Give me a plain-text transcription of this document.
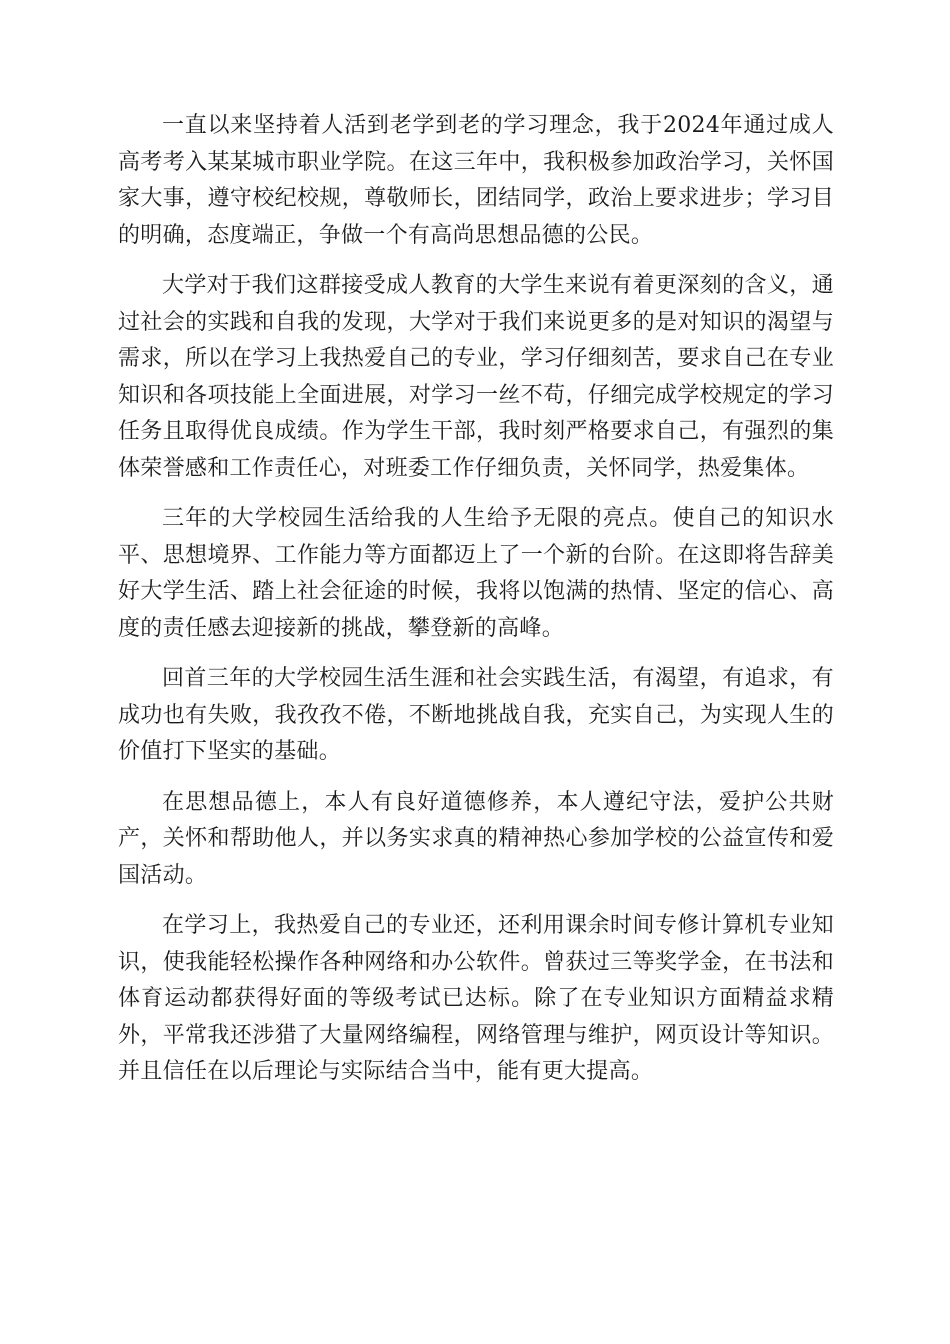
一直以来坚持着人活到老学到老的学习理念，我于2024年通过成人高考考入某某城市职业学院。在这三年中，我积极参加政治学习，关怀国家大事，遵守校纪校规，尊敬师长，团结同学，政治上要求进步；学习目的明确，态度端正，争做一个有高尚思想品德的公民。

大学对于我们这群接受成人教育的大学生来说有着更深刻的含义，通过社会的实践和自我的发现，大学对于我们来说更多的是对知识的渴望与需求，所以在学习上我热爱自己的专业，学习仔细刻苦，要求自己在专业知识和各项技能上全面进展，对学习一丝不苟，仔细完成学校规定的学习任务且取得优良成绩。作为学生干部，我时刻严格要求自己，有强烈的集体荣誉感和工作责任心，对班委工作仔细负责，关怀同学，热爱集体。

三年的大学校园生活给我的人生给予无限的亮点。使自己的知识水平、思想境界、工作能力等方面都迈上了一个新的台阶。在这即将告辞美好大学生活、踏上社会征途的时候，我将以饱满的热情、坚定的信心、高度的责任感去迎接新的挑战，攀登新的高峰。

回首三年的大学校园生活生涯和社会实践生活，有渴望，有追求，有成功也有失败，我孜孜不倦，不断地挑战自我，充实自己，为实现人生的价值打下坚实的基础。

在思想品德上，本人有良好道德修养，本人遵纪守法，爱护公共财产，关怀和帮助他人，并以务实求真的精神热心参加学校的公益宣传和爱国活动。

在学习上，我热爱自己的专业还，还利用课余时间专修计算机专业知识，使我能轻松操作各种网络和办公软件。曾获过三等奖学金，在书法和体育运动都获得好面的等级考试已达标。除了在专业知识方面精益求精外，平常我还涉猎了大量网络编程，网络管理与维护，网页设计等知识。并且信任在以后理论与实际结合当中，能有更大提高。
